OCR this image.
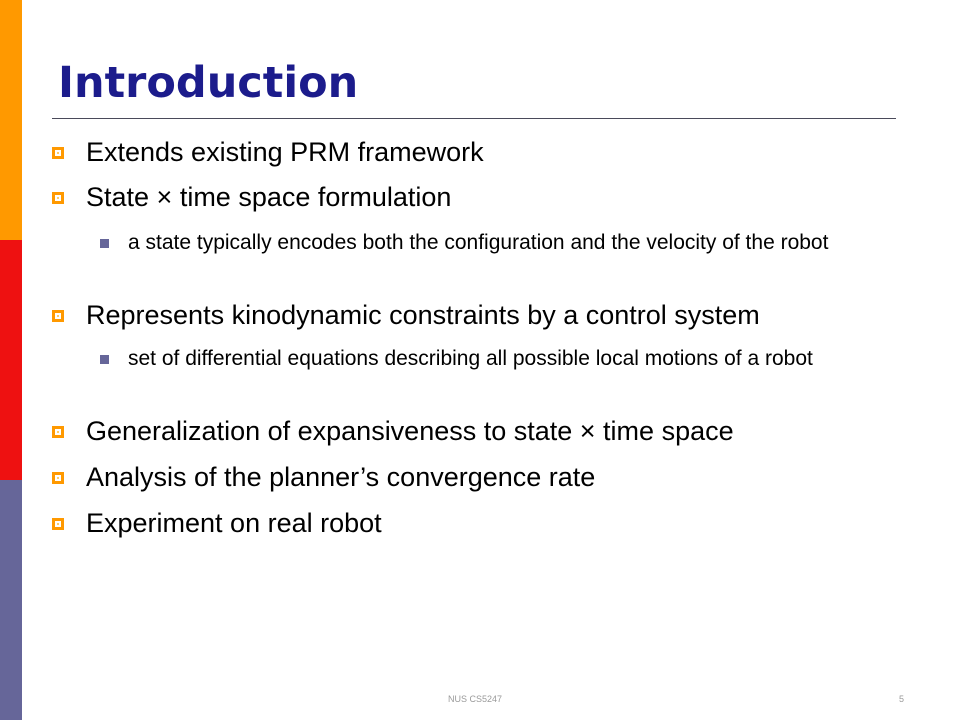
Introduction
Extends existing PRM framework
State × time space formulation
a state typically encodes both the configuration and the velocity of the robot
Represents kinodynamic constraints by a control system
set of differential equations describing all possible local motions of a robot
Generalization of expansiveness to state × time space
Analysis of the planner’s convergence rate
Experiment on real robot
NUS CS5247	5
